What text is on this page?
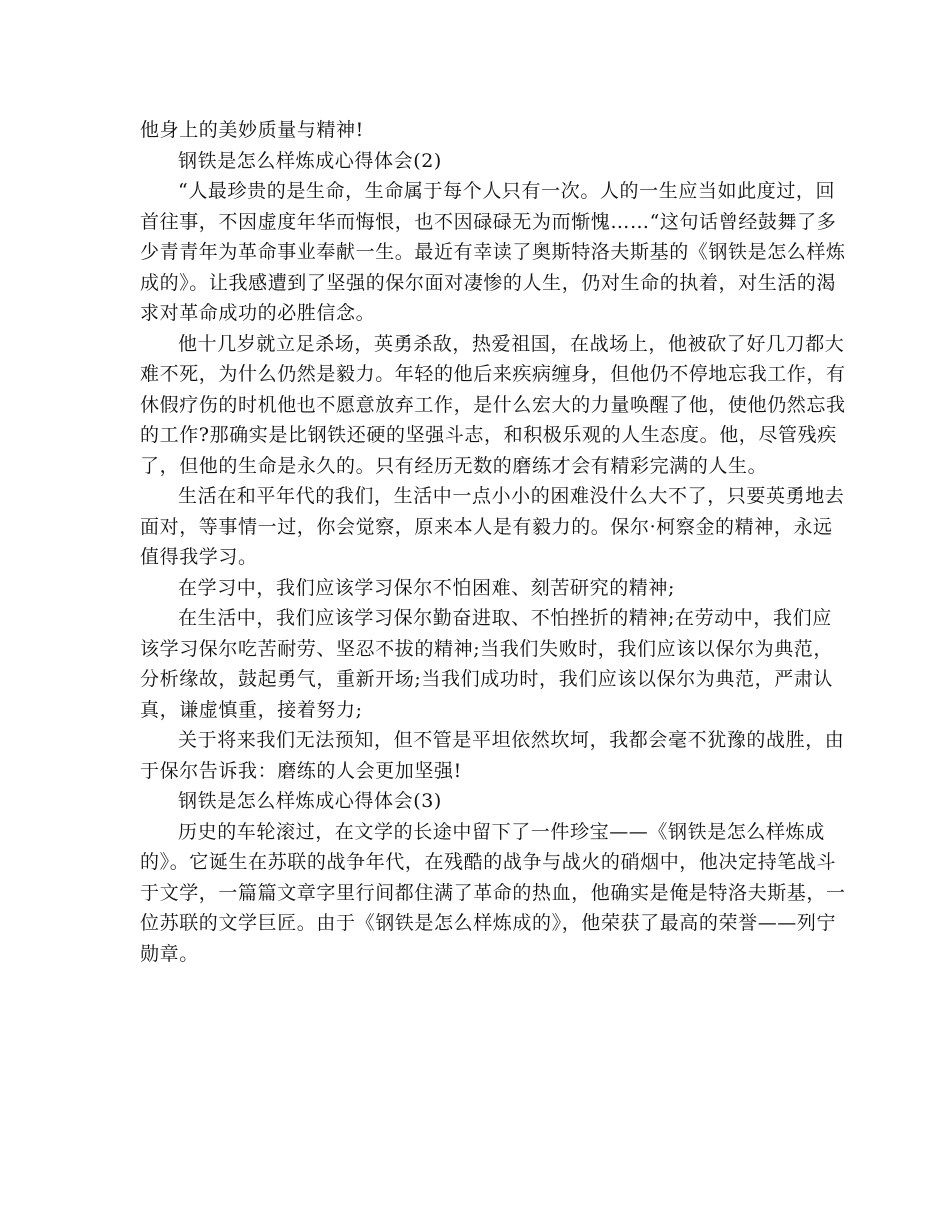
他身上的美妙质量与精神!
钢铁是怎么样炼成心得体会(2)
“人最珍贵的是生命，生命属于每个人只有一次。人的一生应当如此度过，回
首往事，不因虚度年华而悔恨，也不因碌碌无为而惭愧……“这句话曾经鼓舞了多
少青青年为革命事业奉献一生。最近有幸读了奥斯特洛夫斯基的《钢铁是怎么样炼
成的》。让我感遭到了坚强的保尔面对凄惨的人生，仍对生命的执着，对生活的渴
求对革命成功的必胜信念。
他十几岁就立足杀场，英勇杀敌，热爱祖国，在战场上，他被砍了好几刀都大
难不死，为什么仍然是毅力。年轻的他后来疾病缠身，但他仍不停地忘我工作，有
休假疗伤的时机他也不愿意放弃工作，是什么宏大的力量唤醒了他，使他仍然忘我
的工作?那确实是比钢铁还硬的坚强斗志，和积极乐观的人生态度。他，尽管残疾
了，但他的生命是永久的。只有经历无数的磨练才会有精彩完满的人生。
生活在和平年代的我们，生活中一点小小的困难没什么大不了，只要英勇地去
面对，等事情一过，你会觉察，原来本人是有毅力的。保尔·柯察金的精神，永远
值得我学习。
在学习中，我们应该学习保尔不怕困难、刻苦研究的精神;
在生活中，我们应该学习保尔勤奋进取、不怕挫折的精神;在劳动中，我们应
该学习保尔吃苦耐劳、坚忍不拔的精神;当我们失败时，我们应该以保尔为典范，
分析缘故，鼓起勇气，重新开场;当我们成功时，我们应该以保尔为典范，严肃认
真，谦虚慎重，接着努力;
关于将来我们无法预知，但不管是平坦依然坎坷，我都会毫不犹豫的战胜，由
于保尔告诉我：磨练的人会更加坚强!
钢铁是怎么样炼成心得体会(3)
历史的车轮滚过，在文学的长途中留下了一件珍宝——《钢铁是怎么样炼成
的》。它诞生在苏联的战争年代，在残酷的战争与战火的硝烟中，他决定持笔战斗
于文学，一篇篇文章字里行间都住满了革命的热血，他确实是俺是特洛夫斯基，一
位苏联的文学巨匠。由于《钢铁是怎么样炼成的》，他荣获了最高的荣誉——列宁
勋章。
